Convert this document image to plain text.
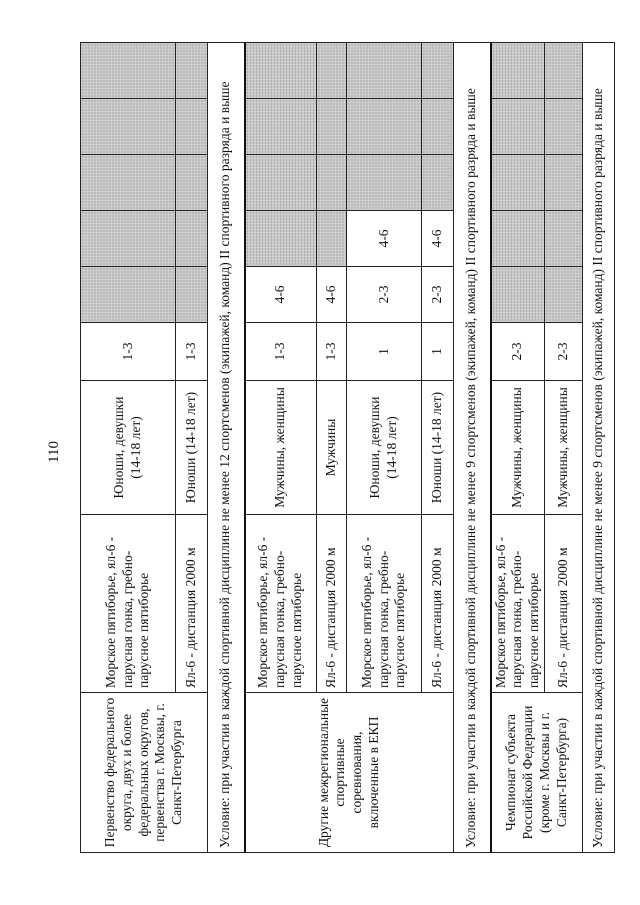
110
Первенство федерального округа, двух и более федеральных округов, первенства г. Москвы, г. Санкт-Петербурга	Морское пятиборье, ял-6 - парусная гонка, гребно-парусное пятиборье	Юноши, девушки (14-18 лет)	1-3					
	Ял-6 - дистанция 2000 м	Юноши (14-18 лет)	1-3					
Условие: при участии в каждой спортивной дисциплине не менее 12 спортсменов (экипажей, команд) II спортивного разряда и выше								
Другие межрегиональные спортивные соревнования, включенные в ЕКП	Морское пятиборье, ял-6 - парусная гонка, гребно-парусное пятиборье	Мужчины, женщины	1-3	4-6				
	Ял-6 - дистанция 2000 м	Мужчины	1-3	4-6				
	Морское пятиборье, ял-6 - парусная гонка, гребно-парусное пятиборье	Юноши, девушки (14-18 лет)	1	2-3	4-6			
	Ял-6 - дистанция 2000 м	Юноши (14-18 лет)	1	2-3	4-6			
Условие: при участии в каждой спортивной дисциплине не менее 9 спортсменов (экипажей, команд) II спортивного разряда и выше								
Чемпионат субъекта Российской Федерации (кроме г. Москвы и г. Санкт-Петербурга)	Морское пятиборье, ял-6 - парусная гонка, гребно-парусное пятиборье	Мужчины, женщины	2-3					
	Ял-6 - дистанция 2000 м	Мужчины, женщины	2-3					
Условие: при участии в каждой спортивной дисциплине не менее 9 спортсменов (экипажей, команд) II спортивного разряда и выше								
